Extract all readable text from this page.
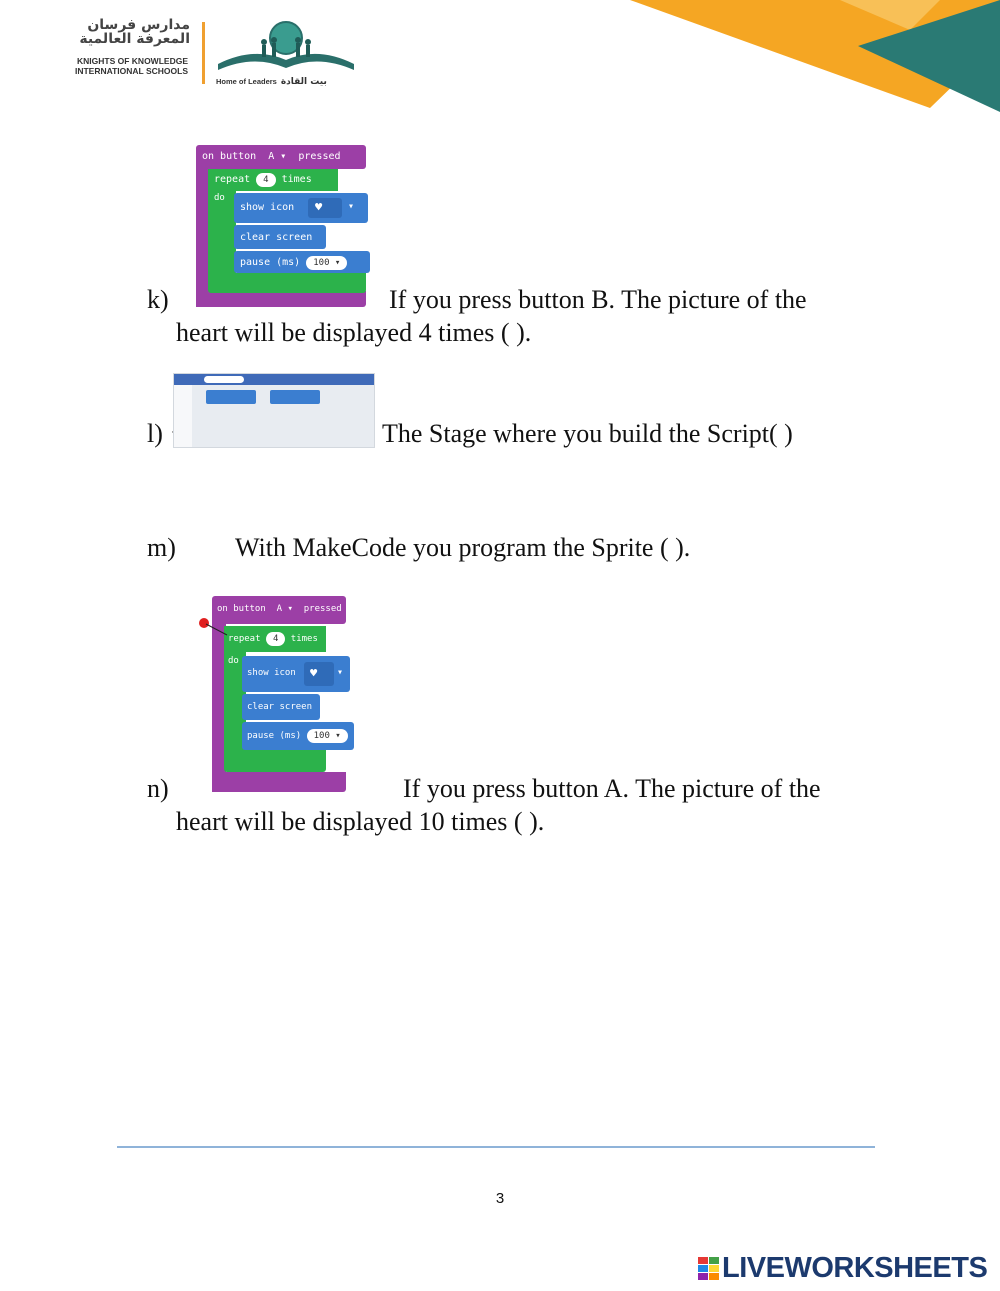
مدارس فرسان المعرفة العالمية
KNIGHTS OF KNOWLEDGE INTERNATIONAL SCHOOLS
Home of Leaders بيت القادة
on button A ▾  pressed
repeat 4 times
do
show icon ♥	▾
clear screen
pause (ms) 100 ▾
k)	If you press button B. The picture of the
heart will be displayed 4 times ( ).
l)	The Stage where you build the Script( )
m) With MakeCode you program the Sprite ( ).
on button A ▾  pressed
repeat 4 times
do
show icon ♥ ▾
clear screen
pause (ms) 100 ▾
n)	If you press button A. The picture of the
heart will be displayed 10 times ( ).
3
LIVEWORKSHEETS
